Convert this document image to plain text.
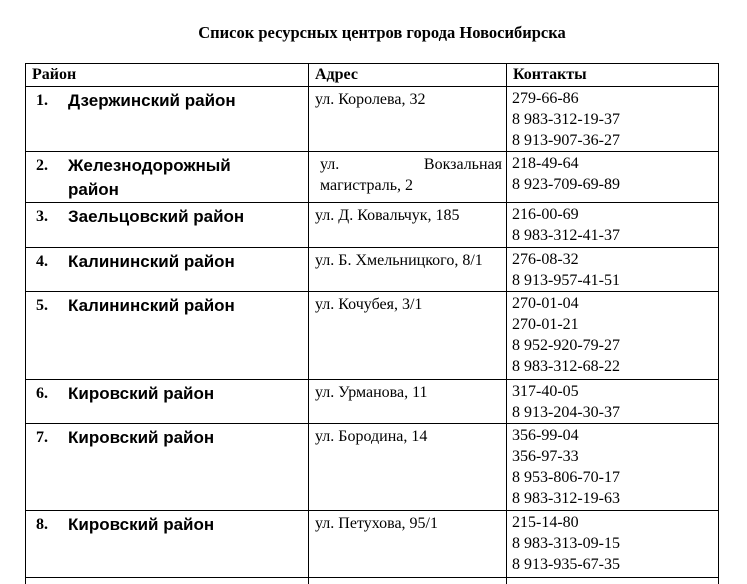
Список ресурсных центров города Новосибирска
Район	Адрес	Контакты

1. Дзержинский район	ул. Королева, 32	279-66-86
8 983-312-19-37
8 913-907-36-27

2. Железнодорожный район	ул. Вокзальная магистраль, 2	218-49-64
8 923-709-69-89

3. Заельцовский район	ул. Д. Ковальчук, 185	216-00-69
8 983-312-41-37

4. Калининский район	ул. Б. Хмельницкого, 8/1	276-08-32
8 913-957-41-51

5. Калининский район	ул. Кочубея, 3/1	270-01-04
270-01-21
8 952-920-79-27
8 983-312-68-22

6. Кировский район	ул. Урманова, 11	317-40-05
8 913-204-30-37

7. Кировский район	ул. Бородина, 14	356-99-04
356-97-33
8 953-806-70-17
8 983-312-19-63

8. Кировский район	ул. Петухова, 95/1	215-14-80
8 983-313-09-15
8 913-935-67-35
